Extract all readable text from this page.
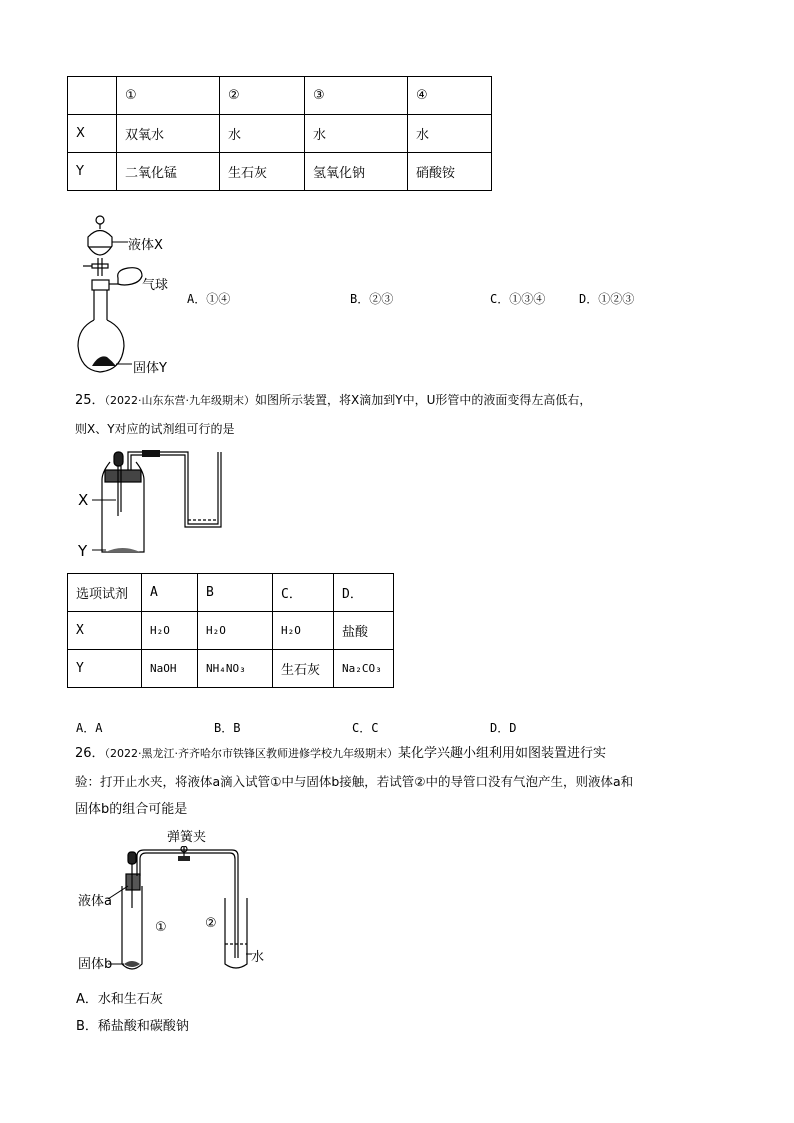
	①	②	③	④
X	双氧水	水	水	水
Y	二氧化锰	生石灰	氢氧化钠	硝酸铵
液体X
气球
固体Y
A．①④	B．②③	C．①③④	D．①②③
25．（2022·山东东营·九年级期末）如图所示装置，将X滴加到Y中，U形管中的液面变得左高低右，
则X、Y对应的试剂组可行的是
X
Y
选项试剂	A	B	C．	D．
X	H₂O	H₂O	H₂O	盐酸
Y	NaOH	NH₄NO₃	生石灰	Na₂CO₃
A．A	B．B	C．C	D．D
26．（2022·黑龙江·齐齐哈尔市铁锋区教师进修学校九年级期末）某化学兴趣小组利用如图装置进行实
验：打开止水夹，将液体a滴入试管①中与固体b接触，若试管②中的导管口没有气泡产生，则液体a和
固体b的组合可能是
弹簧夹
液体a
①	②
水
固体b
A．水和生石灰
B．稀盐酸和碳酸钠
